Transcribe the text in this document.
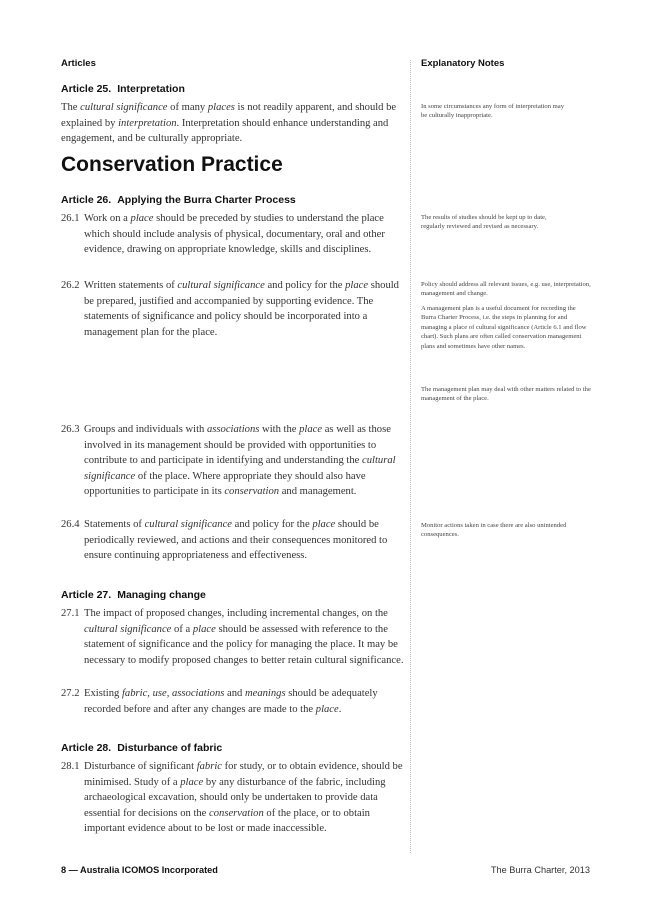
Articles	Explanatory Notes
Article 25. Interpretation

The cultural significance of many places is not readily apparent, and should be explained by interpretation. Interpretation should enhance understanding and engagement, and be culturally appropriate.

In some circumstances any form of interpretation may be culturally inappropriate.
Conservation Practice
Article 26. Applying the Burra Charter Process
26.1 Work on a place should be preceded by studies to understand the place which should include analysis of physical, documentary, oral and other evidence, drawing on appropriate knowledge, skills and disciplines.
The results of studies should be kept up to date, regularly reviewed and revised as necessary.
26.2 Written statements of cultural significance and policy for the place should be prepared, justified and accompanied by supporting evidence. The statements of significance and policy should be incorporated into a management plan for the place.
Policy should address all relevant issues, e.g. use, interpretation, management and change.
A management plan is a useful document for recording the Burra Charter Process, i.e. the steps in planning for and managing a place of cultural significance (Article 6.1 and flow chart). Such plans are often called conservation management plans and sometimes have other names.
The management plan may deal with other matters related to the management of the place.
26.3 Groups and individuals with associations with the place as well as those involved in its management should be provided with opportunities to contribute to and participate in identifying and understanding the cultural significance of the place. Where appropriate they should also have opportunities to participate in its conservation and management.
26.4 Statements of cultural significance and policy for the place should be periodically reviewed, and actions and their consequences monitored to ensure continuing appropriateness and effectiveness.
Monitor actions taken in case there are also unintended consequences.
Article 27. Managing change
27.1 The impact of proposed changes, including incremental changes, on the cultural significance of a place should be assessed with reference to the statement of significance and the policy for managing the place. It may be necessary to modify proposed changes to better retain cultural significance.
27.2 Existing fabric, use, associations and meanings should be adequately recorded before and after any changes are made to the place.
Article 28. Disturbance of fabric
28.1 Disturbance of significant fabric for study, or to obtain evidence, should be minimised. Study of a place by any disturbance of the fabric, including archaeological excavation, should only be undertaken to provide data essential for decisions on the conservation of the place, or to obtain important evidence about to be lost or made inaccessible.
8 — Australia ICOMOS Incorporated	The Burra Charter, 2013
